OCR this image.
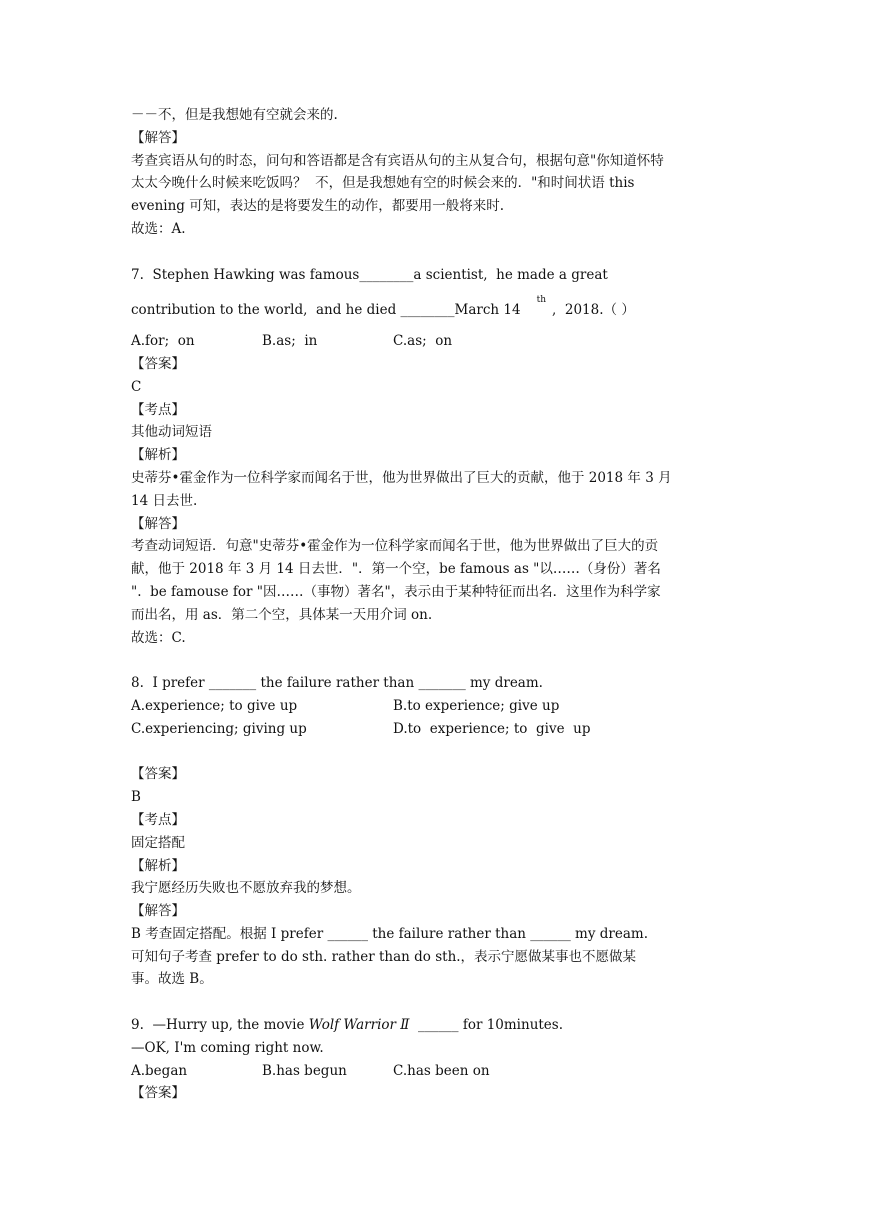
－－不，但是我想她有空就会来的.
【解答】
考查宾语从句的时态，问句和答语都是含有宾语从句的主从复合句，根据句意"你知道怀特
太太今晚什么时候来吃饭吗？  不，但是我想她有空的时候会来的．"和时间状语 this
evening 可知，表达的是将要发生的动作，都要用一般将来时.
故选：A.
7.  Stephen Hawking was famous________a scientist,  he made a great
contribution to the world,  and he died ________March 14th,  2018.（ ）
A.for;  on	B.as;  in	C.as;  on
【答案】
C
【考点】
其他动词短语
【解析】
史蒂芬•霍金作为一位科学家而闻名于世，他为世界做出了巨大的贡献，他于 2018 年 3 月
14 日去世.
【解答】
考查动词短语．句意"史蒂芬•霍金作为一位科学家而闻名于世，他为世界做出了巨大的贡
献，他于 2018 年 3 月 14 日去世．"．第一个空，be famous as "以……（身份）著名
".  be famouse for "因……（事物）著名"，表示由于某种特征而出名．这里作为科学家
而出名，用 as．第二个空，具体某一天用介词 on.
故选：C.
8.  I prefer _______ the failure rather than _______ my dream.
A.experience; to give up	B.to experience; give up
C.experiencing; giving up	D.to  experience; to  give  up
【答案】
B
【考点】
固定搭配
【解析】
我宁愿经历失败也不愿放弃我的梦想。
【解答】
B 考查固定搭配。根据 I prefer ______ the failure rather than ______ my dream.
可知句子考查 prefer to do sth. rather than do sth.，表示宁愿做某事也不愿做某
事。故选 B。
9.  —Hurry up, the movie Wolf Warrior Ⅱ  ______ for 10minutes.
—OK, I'm coming right now.
A.began	B.has begun	C.has been on
【答案】
